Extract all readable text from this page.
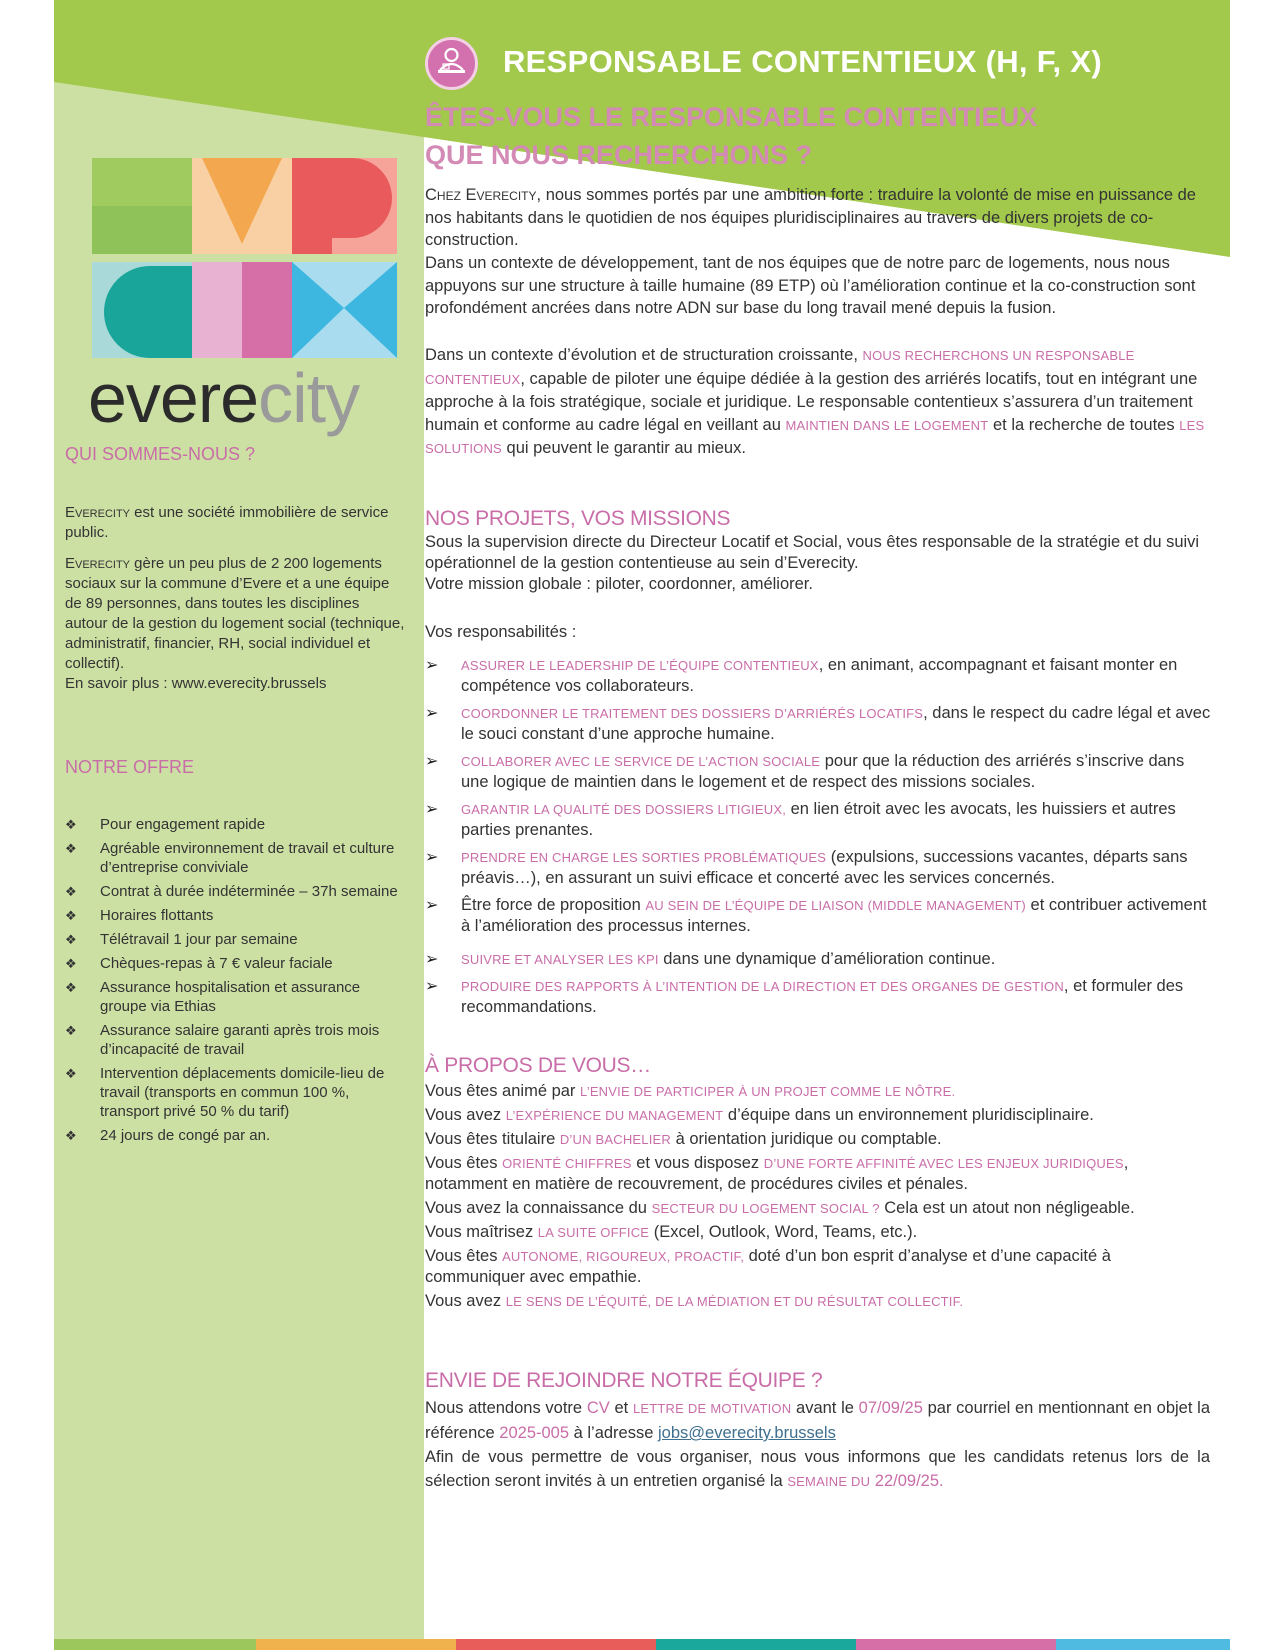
RESPONSABLE CONTENTIEUX (H, F, X)
ÊTES-VOUS LE RESPONSABLE CONTENTIEUX
QUE NOUS RECHERCHONS ?
everecity
QUI SOMMES-NOUS ?
Everecity est une société immobilière de service public.
Everecity gère un peu plus de 2 200 logements sociaux sur la commune d’Evere et a une équipe de 89 personnes, dans toutes les disciplines autour de la gestion du logement social (technique, administratif, financier, RH, social individuel et collectif).
En savoir plus : www.everecity.brussels
NOTRE OFFRE
❖ Pour engagement rapide
❖ Agréable environnement de travail et culture d’entreprise conviviale
❖ Contrat à durée indéterminée – 37h semaine
❖ Horaires flottants
❖ Télétravail 1 jour par semaine
❖ Chèques-repas à 7 € valeur faciale
❖ Assurance hospitalisation et assurance groupe via Ethias
❖ Assurance salaire garanti après trois mois d’incapacité de travail
❖ Intervention déplacements domicile-lieu de travail (transports en commun 100 %, transport privé 50 % du tarif)
❖ 24 jours de congé par an.
Chez Everecity, nous sommes portés par une ambition forte : traduire la volonté de mise en puissance de nos habitants dans le quotidien de nos équipes pluridisciplinaires au travers de divers projets de co-construction.
Dans un contexte de développement, tant de nos équipes que de notre parc de logements, nous nous appuyons sur une structure à taille humaine (89 ETP) où l’amélioration continue et la co-construction sont profondément ancrées dans notre ADN sur base du long travail mené depuis la fusion.
Dans un contexte d’évolution et de structuration croissante, NOUS RECHERCHONS UN RESPONSABLE CONTENTIEUX, capable de piloter une équipe dédiée à la gestion des arriérés locatifs, tout en intégrant une approche à la fois stratégique, sociale et juridique. Le responsable contentieux s’assurera d’un traitement humain et conforme au cadre légal en veillant au MAINTIEN DANS LE LOGEMENT et la recherche de toutes LES SOLUTIONS qui peuvent le garantir au mieux.
NOS PROJETS, VOS MISSIONS
Sous la supervision directe du Directeur Locatif et Social, vous êtes responsable de la stratégie et du suivi opérationnel de la gestion contentieuse au sein d’Everecity.
Votre mission globale : piloter, coordonner, améliorer.
Vos responsabilités :
➢ ASSURER LE LEADERSHIP DE L’ÉQUIPE CONTENTIEUX, en animant, accompagnant et faisant monter en compétence vos collaborateurs.
➢ COORDONNER LE TRAITEMENT DES DOSSIERS D’ARRIÉRÉS LOCATIFS, dans le respect du cadre légal et avec le souci constant d’une approche humaine.
➢ COLLABORER AVEC LE SERVICE DE L’ACTION SOCIALE pour que la réduction des arriérés s’inscrive dans une logique de maintien dans le logement et de respect des missions sociales.
➢ GARANTIR LA QUALITÉ DES DOSSIERS LITIGIEUX, en lien étroit avec les avocats, les huissiers et autres parties prenantes.
➢ PRENDRE EN CHARGE LES SORTIES PROBLÉMATIQUES (expulsions, successions vacantes, départs sans préavis…), en assurant un suivi efficace et concerté avec les services concernés.
➢ Être force de proposition AU SEIN DE L’ÉQUIPE DE LIAISON (MIDDLE MANAGEMENT) et contribuer activement à l’amélioration des processus internes.
➢ SUIVRE ET ANALYSER LES KPI dans une dynamique d’amélioration continue.
➢ PRODUIRE DES RAPPORTS À L’INTENTION DE LA DIRECTION ET DES ORGANES DE GESTION, et formuler des recommandations.
À PROPOS DE VOUS…

Vous êtes animé par L’ENVIE DE PARTICIPER À UN PROJET COMME LE NÔTRE.

Vous avez L’EXPÉRIENCE DU MANAGEMENT d’équipe dans un environnement pluridisciplinaire.

Vous êtes titulaire D’UN BACHELIER à orientation juridique ou comptable.

Vous êtes ORIENTÉ CHIFFRES et vous disposez D’UNE FORTE AFFINITÉ AVEC LES ENJEUX JURIDIQUES, notamment en matière de recouvrement, de procédures civiles et pénales.

Vous avez la connaissance du SECTEUR DU LOGEMENT SOCIAL ? Cela est un atout non négligeable.

Vous maîtrisez LA SUITE OFFICE (Excel, Outlook, Word, Teams, etc.).

Vous êtes AUTONOME, RIGOUREUX, PROACTIF, doté d’un bon esprit d’analyse et d’une capacité à communiquer avec empathie.

Vous avez LE SENS DE L’ÉQUITÉ, DE LA MÉDIATION ET DU RÉSULTAT COLLECTIF.

ENVIE DE REJOINDRE NOTRE ÉQUIPE ?

Nous attendons votre CV et LETTRE DE MOTIVATION avant le 07/09/25 par courriel en mentionnant en objet la référence 2025-005 à l’adresse jobs@everecity.brussels

Afin de vous permettre de vous organiser, nous vous informons que les candidats retenus lors de la sélection seront invités à un entretien organisé la SEMAINE DU 22/09/25.
